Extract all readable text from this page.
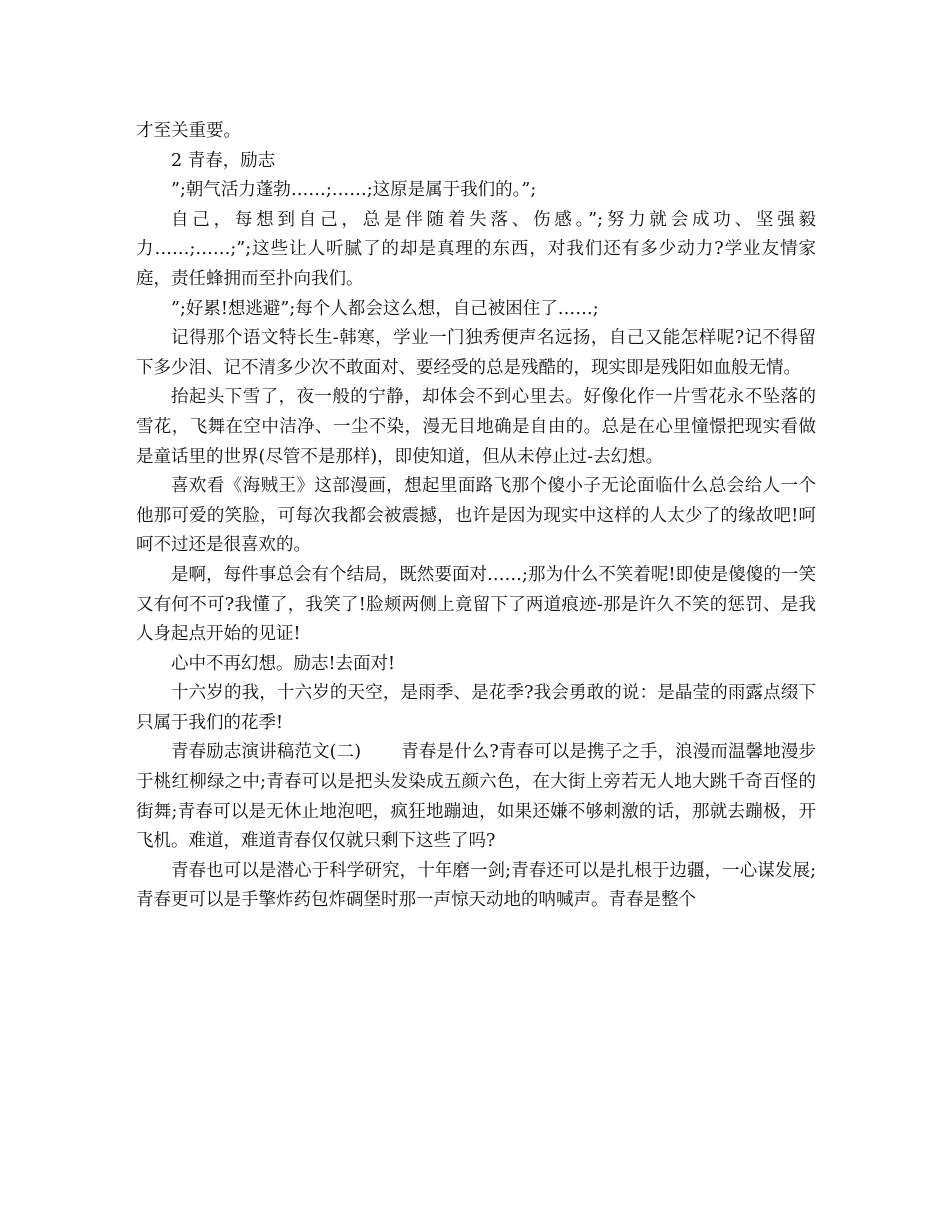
才至关重要。

2 青春，励志

”;朝气活力蓬勃……;……;这原是属于我们的。”;

自己，每想到自己，总是伴随着失落、伤感。”;努力就会成功、坚强毅力……;……;”;这些让人听腻了的却是真理的东西，对我们还有多少动力?学业友情家庭，责任蜂拥而至扑向我们。

”;好累!想逃避”;每个人都会这么想，自己被困住了……;

记得那个语文特长生-韩寒，学业一门独秀便声名远扬，自己又能怎样呢?记不得留下多少泪、记不清多少次不敢面对、要经受的总是残酷的，现实即是残阳如血般无情。

抬起头下雪了，夜一般的宁静，却体会不到心里去。好像化作一片雪花永不坠落的雪花，飞舞在空中洁净、一尘不染，漫无目地确是自由的。总是在心里憧憬把现实看做是童话里的世界(尽管不是那样)，即使知道，但从未停止过-去幻想。

喜欢看《海贼王》这部漫画，想起里面路飞那个傻小子无论面临什么总会给人一个他那可爱的笑脸，可每次我都会被震撼，也许是因为现实中这样的人太少了的缘故吧!呵呵不过还是很喜欢的。

是啊，每件事总会有个结局，既然要面对……;那为什么不笑着呢!即使是傻傻的一笑又有何不可?我懂了，我笑了!脸颊两侧上竟留下了两道痕迹-那是许久不笑的惩罚、是我人身起点开始的见证!

心中不再幻想。励志!去面对!

十六岁的我，十六岁的天空，是雨季、是花季?我会勇敢的说：是晶莹的雨露点缀下只属于我们的花季!

青春励志演讲稿范文(二) 青春是什么?青春可以是携子之手，浪漫而温馨地漫步于桃红柳绿之中;青春可以是把头发染成五颜六色，在大街上旁若无人地大跳千奇百怪的街舞;青春可以是无休止地泡吧，疯狂地蹦迪，如果还嫌不够刺激的话，那就去蹦极，开飞机。难道，难道青春仅仅就只剩下这些了吗?

青春也可以是潜心于科学研究，十年磨一剑;青春还可以是扎根于边疆，一心谋发展;青春更可以是手擎炸药包炸碉堡时那一声惊天动地的呐喊声。青春是整个
